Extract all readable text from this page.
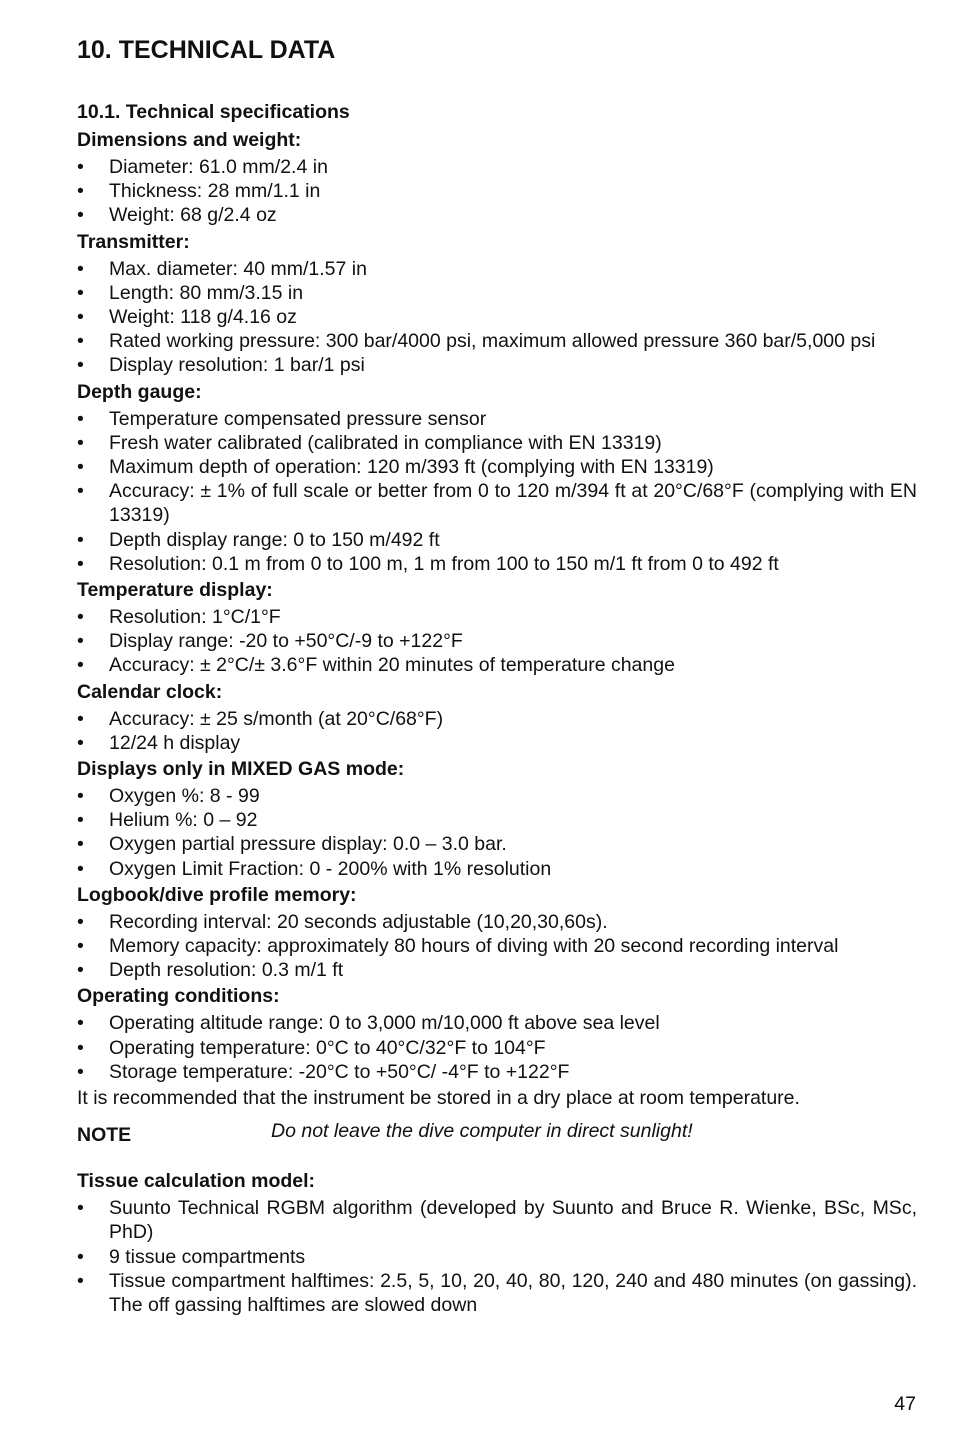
10. TECHNICAL DATA
10.1. Technical specifications
Dimensions and weight:
• Diameter: 61.0 mm/2.4 in
• Thickness: 28 mm/1.1 in
• Weight: 68 g/2.4 oz
Transmitter:
• Max. diameter: 40 mm/1.57 in
• Length: 80 mm/3.15 in
• Weight: 118 g/4.16 oz
• Rated working pressure: 300 bar/4000 psi, maximum allowed pressure 360 bar/5,000 psi
• Display resolution: 1 bar/1 psi
Depth gauge:
• Temperature compensated pressure sensor
• Fresh water calibrated (calibrated in compliance with EN 13319)
• Maximum depth of operation: 120 m/393 ft (complying with EN 13319)
• Accuracy: ± 1% of full scale or better from 0 to 120 m/394 ft at 20°C/68°F (complying with EN 13319)
• Depth display range: 0 to 150 m/492 ft
• Resolution: 0.1 m from 0 to 100 m, 1 m from 100 to 150 m/1 ft from 0 to 492 ft
Temperature display:
• Resolution: 1°C/1°F
• Display range: -20 to +50°C/-9 to +122°F
• Accuracy: ± 2°C/± 3.6°F within 20 minutes of temperature change
Calendar clock:
• Accuracy: ± 25 s/month (at 20°C/68°F)
• 12/24 h display
Displays only in MIXED GAS mode:
• Oxygen %: 8 - 99
• Helium %: 0 – 92
• Oxygen partial pressure display: 0.0 – 3.0 bar.
• Oxygen Limit Fraction: 0 - 200% with 1% resolution
Logbook/dive profile memory:
• Recording interval: 20 seconds adjustable (10,20,30,60s).
• Memory capacity: approximately 80 hours of diving with 20 second recording interval
• Depth resolution: 0.3 m/1 ft
Operating conditions:
• Operating altitude range: 0 to 3,000 m/10,000 ft above sea level
• Operating temperature: 0°C to 40°C/32°F to 104°F
• Storage temperature: -20°C to +50°C/ -4°F to +122°F

It is recommended that the instrument be stored in a dry place at room temperature.

NOTE	Do not leave the dive computer in direct sunlight!
Tissue calculation model:
• Suunto Technical RGBM algorithm (developed by Suunto and Bruce R. Wienke, BSc, MSc, PhD)
• 9 tissue compartments
• Tissue compartment halftimes: 2.5, 5, 10, 20, 40, 80, 120, 240 and 480 minutes (on gassing). The off gassing halftimes are slowed down
47
